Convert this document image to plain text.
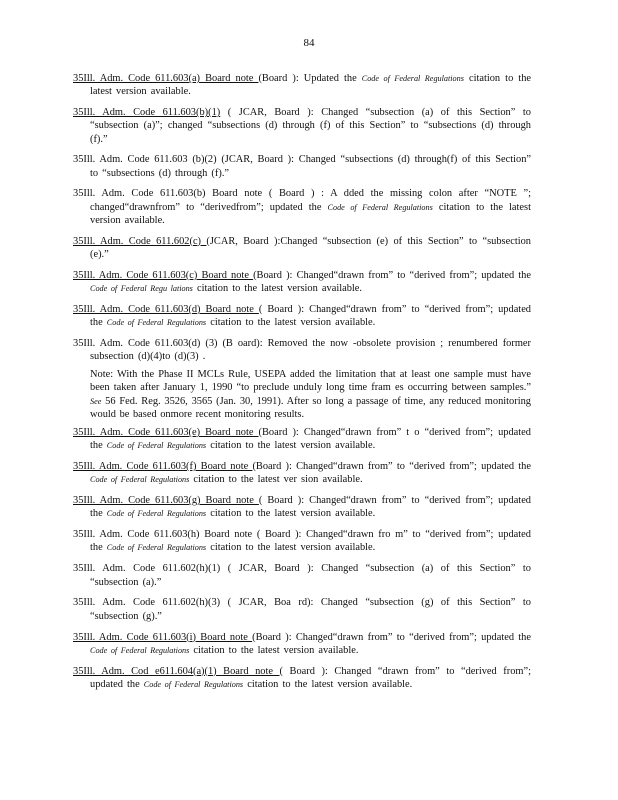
84
35Ill. Adm. Code 611.603(a) Board note (Board ): Updated the Code of Federal Regulations citation to the latest version available.
35Ill. Adm. Code 611.603(b)(1) ( JCAR, Board ): Changed “subsection (a) of this Section” to “subsection (a)”; changed “subsections (d) through (f) of this Section” to “subsections (d) through (f).”
35Ill. Adm. Code 611.603 (b)(2) (JCAR, Board ): Changed “subsections (d) through(f) of this Section” to “subsections (d) through (f).”
35Ill. Adm. Code 611.603(b) Board note ( Board ) : A dded the missing colon after “NOTE ”; changed“drawnfrom” to “derivedfrom”; updated the Code of Federal Regulations citation to the latest version available.
35Ill. Adm. Code 611.602(c) (JCAR, Board ):Changed “subsection (e) of this Section” to “subsection (e).”
35Ill. Adm. Code 611.603(c) Board note (Board ): Changed“drawn from” to “derived from”; updated the Code of Federal Regu lations citation to the latest version available.
35Ill. Adm. Code 611.603(d) Board note ( Board ): Changed“drawn from” to “derived from”; updated the Code of Federal Regulations citation to the latest version available.
35Ill. Adm. Code 611.603(d) (3) (B oard): Removed the now -obsolete provision ; renumbered former subsection (d)(4)to (d)(3) .
Note: With the Phase II MCLs Rule, USEPA added the limitation that at least one sample must have been taken after January 1, 1990 “to preclude unduly long time fram es occurring between samples.” See 56 Fed. Reg. 3526, 3565 (Jan. 30, 1991). After so long a passage of time, any reduced monitoring would be based onmore recent monitoring results.
35Ill. Adm. Code 611.603(e) Board note (Board ): Changed“drawn from” t o “derived from”; updated the Code of Federal Regulations citation to the latest version available.
35Ill. Adm. Code 611.603(f) Board note (Board ): Changed“drawn from” to “derived from”; updated the Code of Federal Regulations citation to the latest ver sion available.
35Ill. Adm. Code 611.603(g) Board note ( Board ): Changed“drawn from” to “derived from”; updated the Code of Federal Regulations citation to the latest version available.
35Ill. Adm. Code 611.603(h) Board note ( Board ): Changed“drawn fro m” to “derived from”; updated the Code of Federal Regulations citation to the latest version available.
35Ill. Adm. Code 611.602(h)(1) ( JCAR, Board ): Changed “subsection (a) of this Section” to “subsection (a).”
35Ill. Adm. Code 611.602(h)(3) ( JCAR, Boa rd): Changed “subsection (g) of this Section” to “subsection (g).”
35Ill. Adm. Code 611.603(i) Board note (Board ): Changed“drawn from” to “derived from”; updated the Code of Federal Regulations citation to the latest version available.
35Ill. Adm. Cod e611.604(a)(1) Board note ( Board ): Changed “drawn from” to “derived from”; updated the Code of Federal Regulations citation to the latest version available.
